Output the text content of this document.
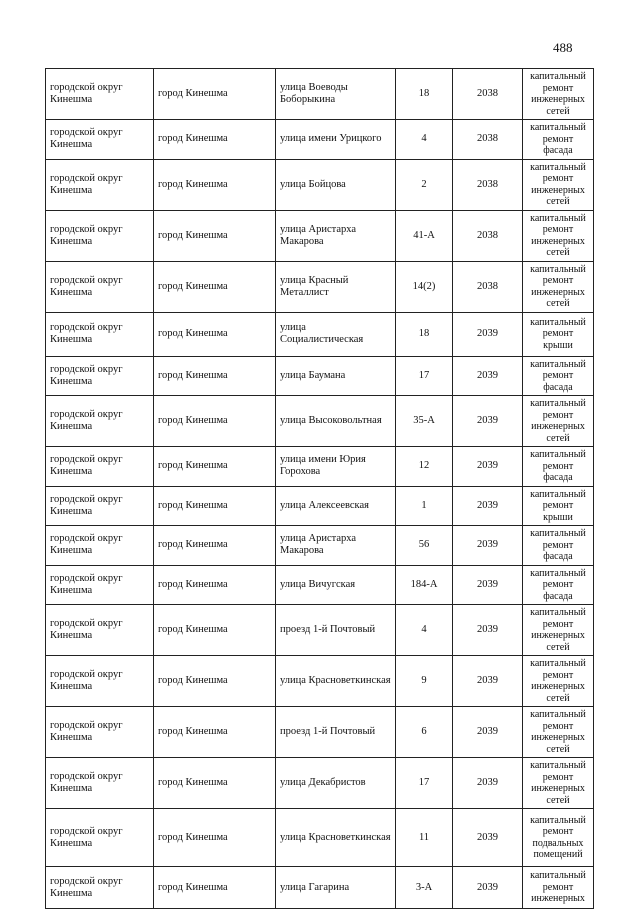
488
городской округ Кинешма	город Кинешма	улица Воеводы Боборыкина	18	2038	капитальный ремонт инженерных сетей
городской округ Кинешма	город Кинешма	улица имени Урицкого	4	2038	капитальный ремонт фасада
городской округ Кинешма	город Кинешма	улица Бойцова	2	2038	капитальный ремонт инженерных сетей
городской округ Кинешма	город Кинешма	улица Аристарха Макарова	41-А	2038	капитальный ремонт инженерных сетей
городской округ Кинешма	город Кинешма	улица Красный Металлист	14(2)	2038	капитальный ремонт инженерных сетей
городской округ Кинешма	город Кинешма	улица Социалистическая	18	2039	капитальный ремонт крыши
городской округ Кинешма	город Кинешма	улица Баумана	17	2039	капитальный ремонт фасада
городской округ Кинешма	город Кинешма	улица Высоковольтная	35-А	2039	капитальный ремонт инженерных сетей
городской округ Кинешма	город Кинешма	улица имени Юрия Горохова	12	2039	капитальный ремонт фасада
городской округ Кинешма	город Кинешма	улица Алексеевская	1	2039	капитальный ремонт крыши
городской округ Кинешма	город Кинешма	улица Аристарха Макарова	56	2039	капитальный ремонт фасада
городской округ Кинешма	город Кинешма	улица Вичугская	184-А	2039	капитальный ремонт фасада
городской округ Кинешма	город Кинешма	проезд 1-й Почтовый	4	2039	капитальный ремонт инженерных сетей
городской округ Кинешма	город Кинешма	улица Красноветкинская	9	2039	капитальный ремонт инженерных сетей
городской округ Кинешма	город Кинешма	проезд 1-й Почтовый	6	2039	капитальный ремонт инженерных сетей
городской округ Кинешма	город Кинешма	улица Декабристов	17	2039	капитальный ремонт инженерных сетей
городской округ Кинешма	город Кинешма	улица Красноветкинская	11	2039	капитальный ремонт подвальных помещений
городской округ Кинешма	город Кинешма	улица Гагарина	3-А	2039	капитальный ремонт инженерных
